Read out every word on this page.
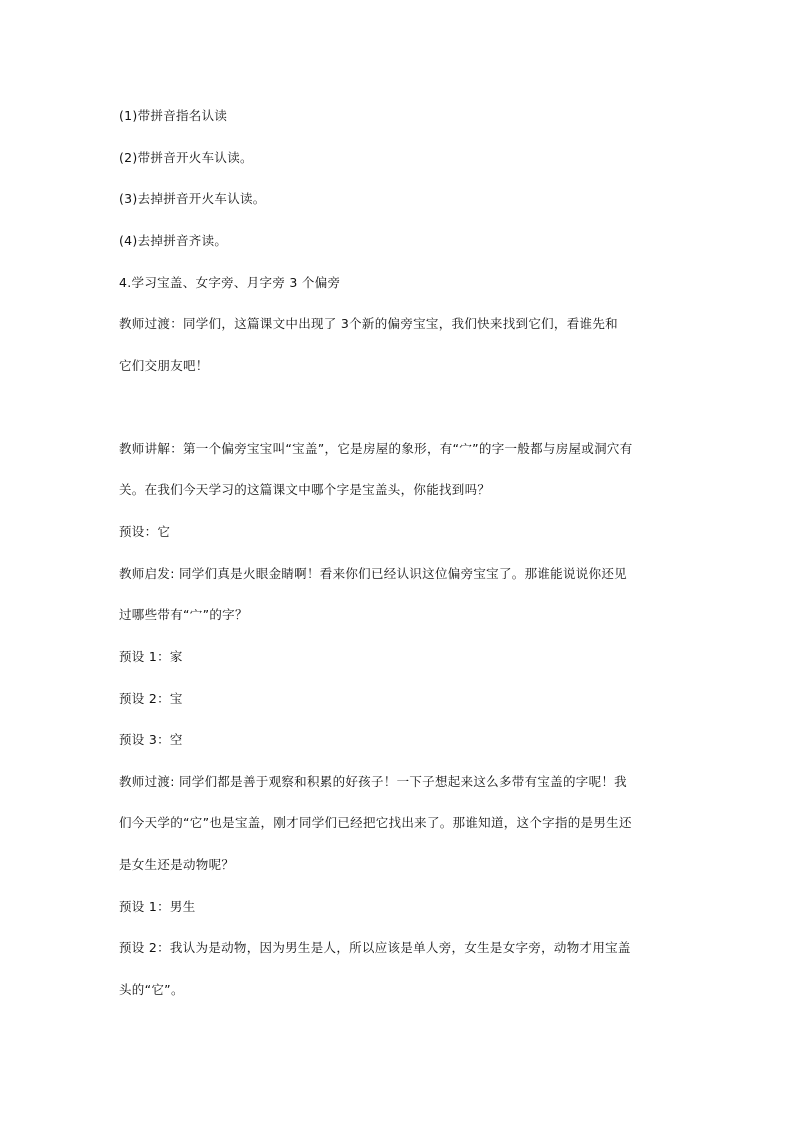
(1)带拼音指名认读
(2)带拼音开火车认读。
(3)去掉拼音开火车认读。
(4)去掉拼音齐读。
4.学习宝盖、女字旁、月字旁 3 个偏旁
教师过渡：同学们，这篇课文中出现了 3个新的偏旁宝宝，我们快来找到它们，看谁先和
它们交朋友吧！
教师讲解：第一个偏旁宝宝叫“宝盖”，它是房屋的象形，有“宀”的字一般都与房屋或洞穴有
关。在我们今天学习的这篇课文中哪个字是宝盖头，你能找到吗？
预设：它
教师启发: 同学们真是火眼金睛啊！看来你们已经认识这位偏旁宝宝了。那谁能说说你还见
过哪些带有“宀”的字？
预设 1：家
预设 2：宝
预设 3：空
教师过渡: 同学们都是善于观察和积累的好孩子！一下子想起来这么多带有宝盖的字呢！我
们今天学的“它”也是宝盖，刚才同学们已经把它找出来了。那谁知道，这个字指的是男生还
是女生还是动物呢？
预设 1：男生
预设 2：我认为是动物，因为男生是人，所以应该是单人旁，女生是女字旁，动物才用宝盖
头的“它”。
